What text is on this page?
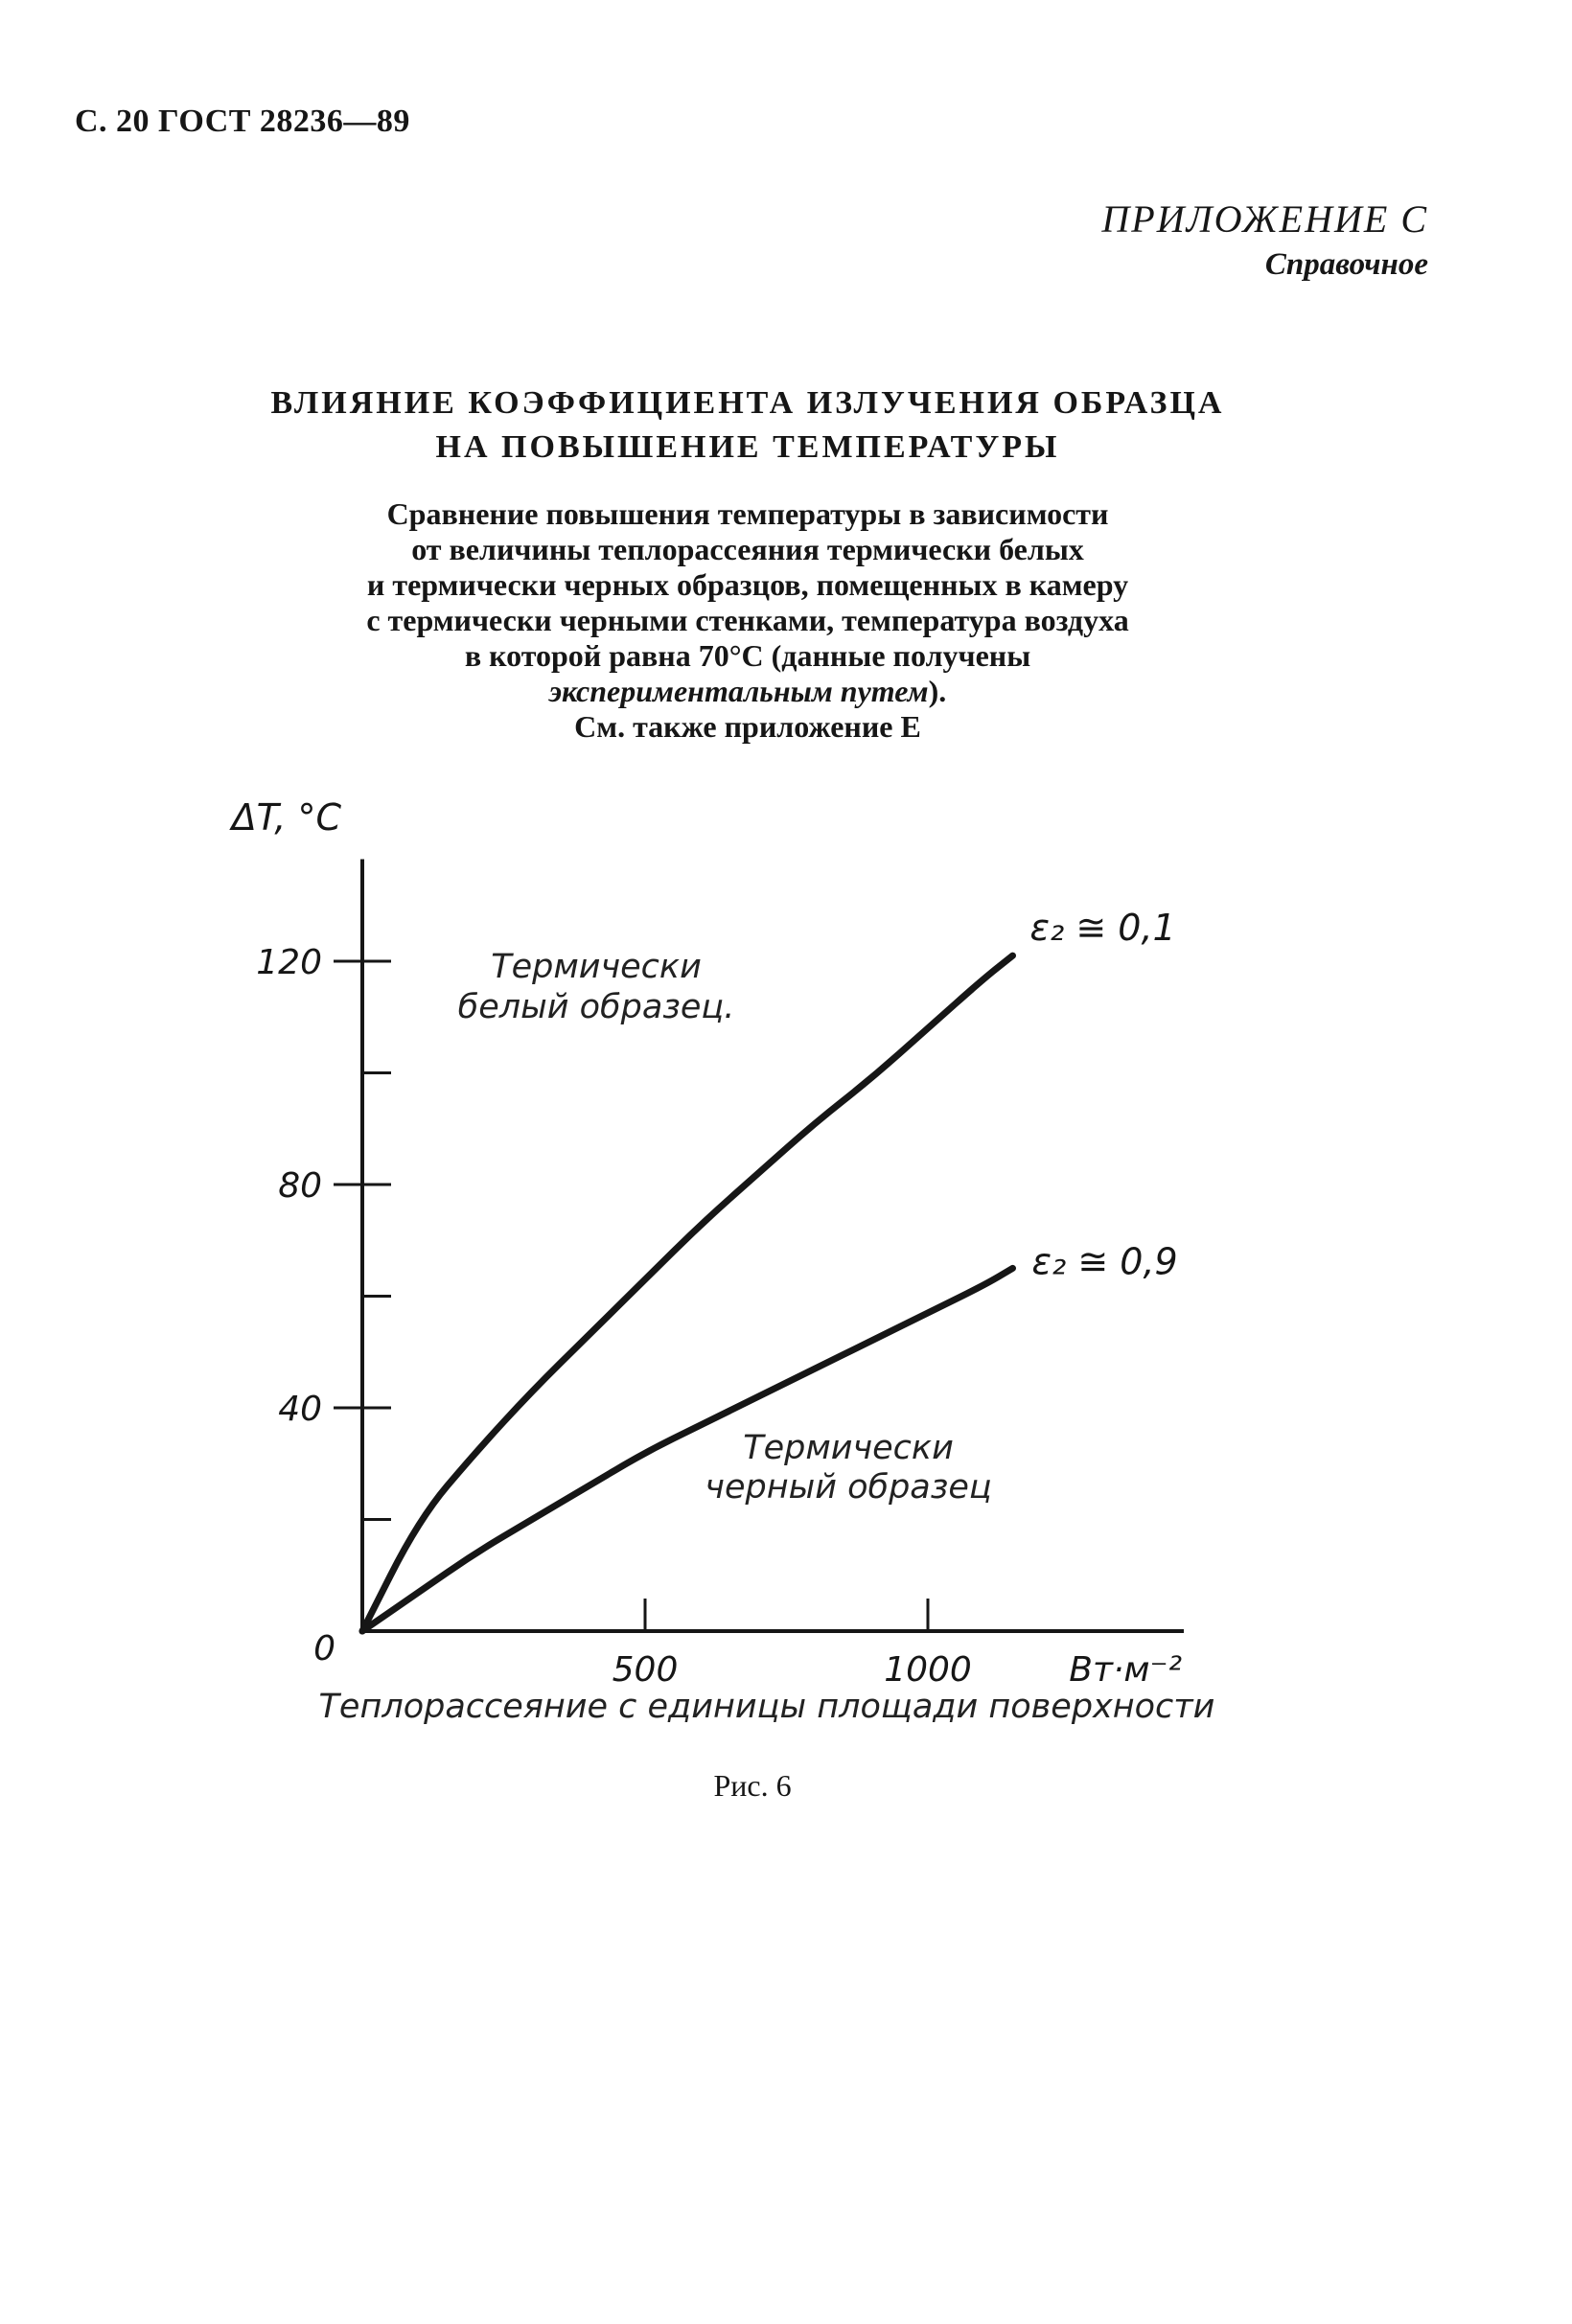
С. 20 ГОСТ 28236—89
ПРИЛОЖЕНИЕ С
Справочное
ВЛИЯНИЕ КОЭФФИЦИЕНТА ИЗЛУЧЕНИЯ ОБРАЗЦА
НА ПОВЫШЕНИЕ ТЕМПЕРАТУРЫ
Сравнение повышения температуры в зависимости
от величины теплорассеяния термически белых
и термически черных образцов, помещенных в камеру
с термически черными стенками, температура воздуха
в которой равна 70°С (данные получены
экспериментальным путем).
См. также приложение Е
40
80
120
500	1000
0
ε₂ ≅ 0,1
ε₂ ≅ 0,9
Термически
белый образец.
Термически
черный образец
ΔT, °C
Вт·м⁻²
Теплорассеяние с единицы площади поверхности
Рис. 6
